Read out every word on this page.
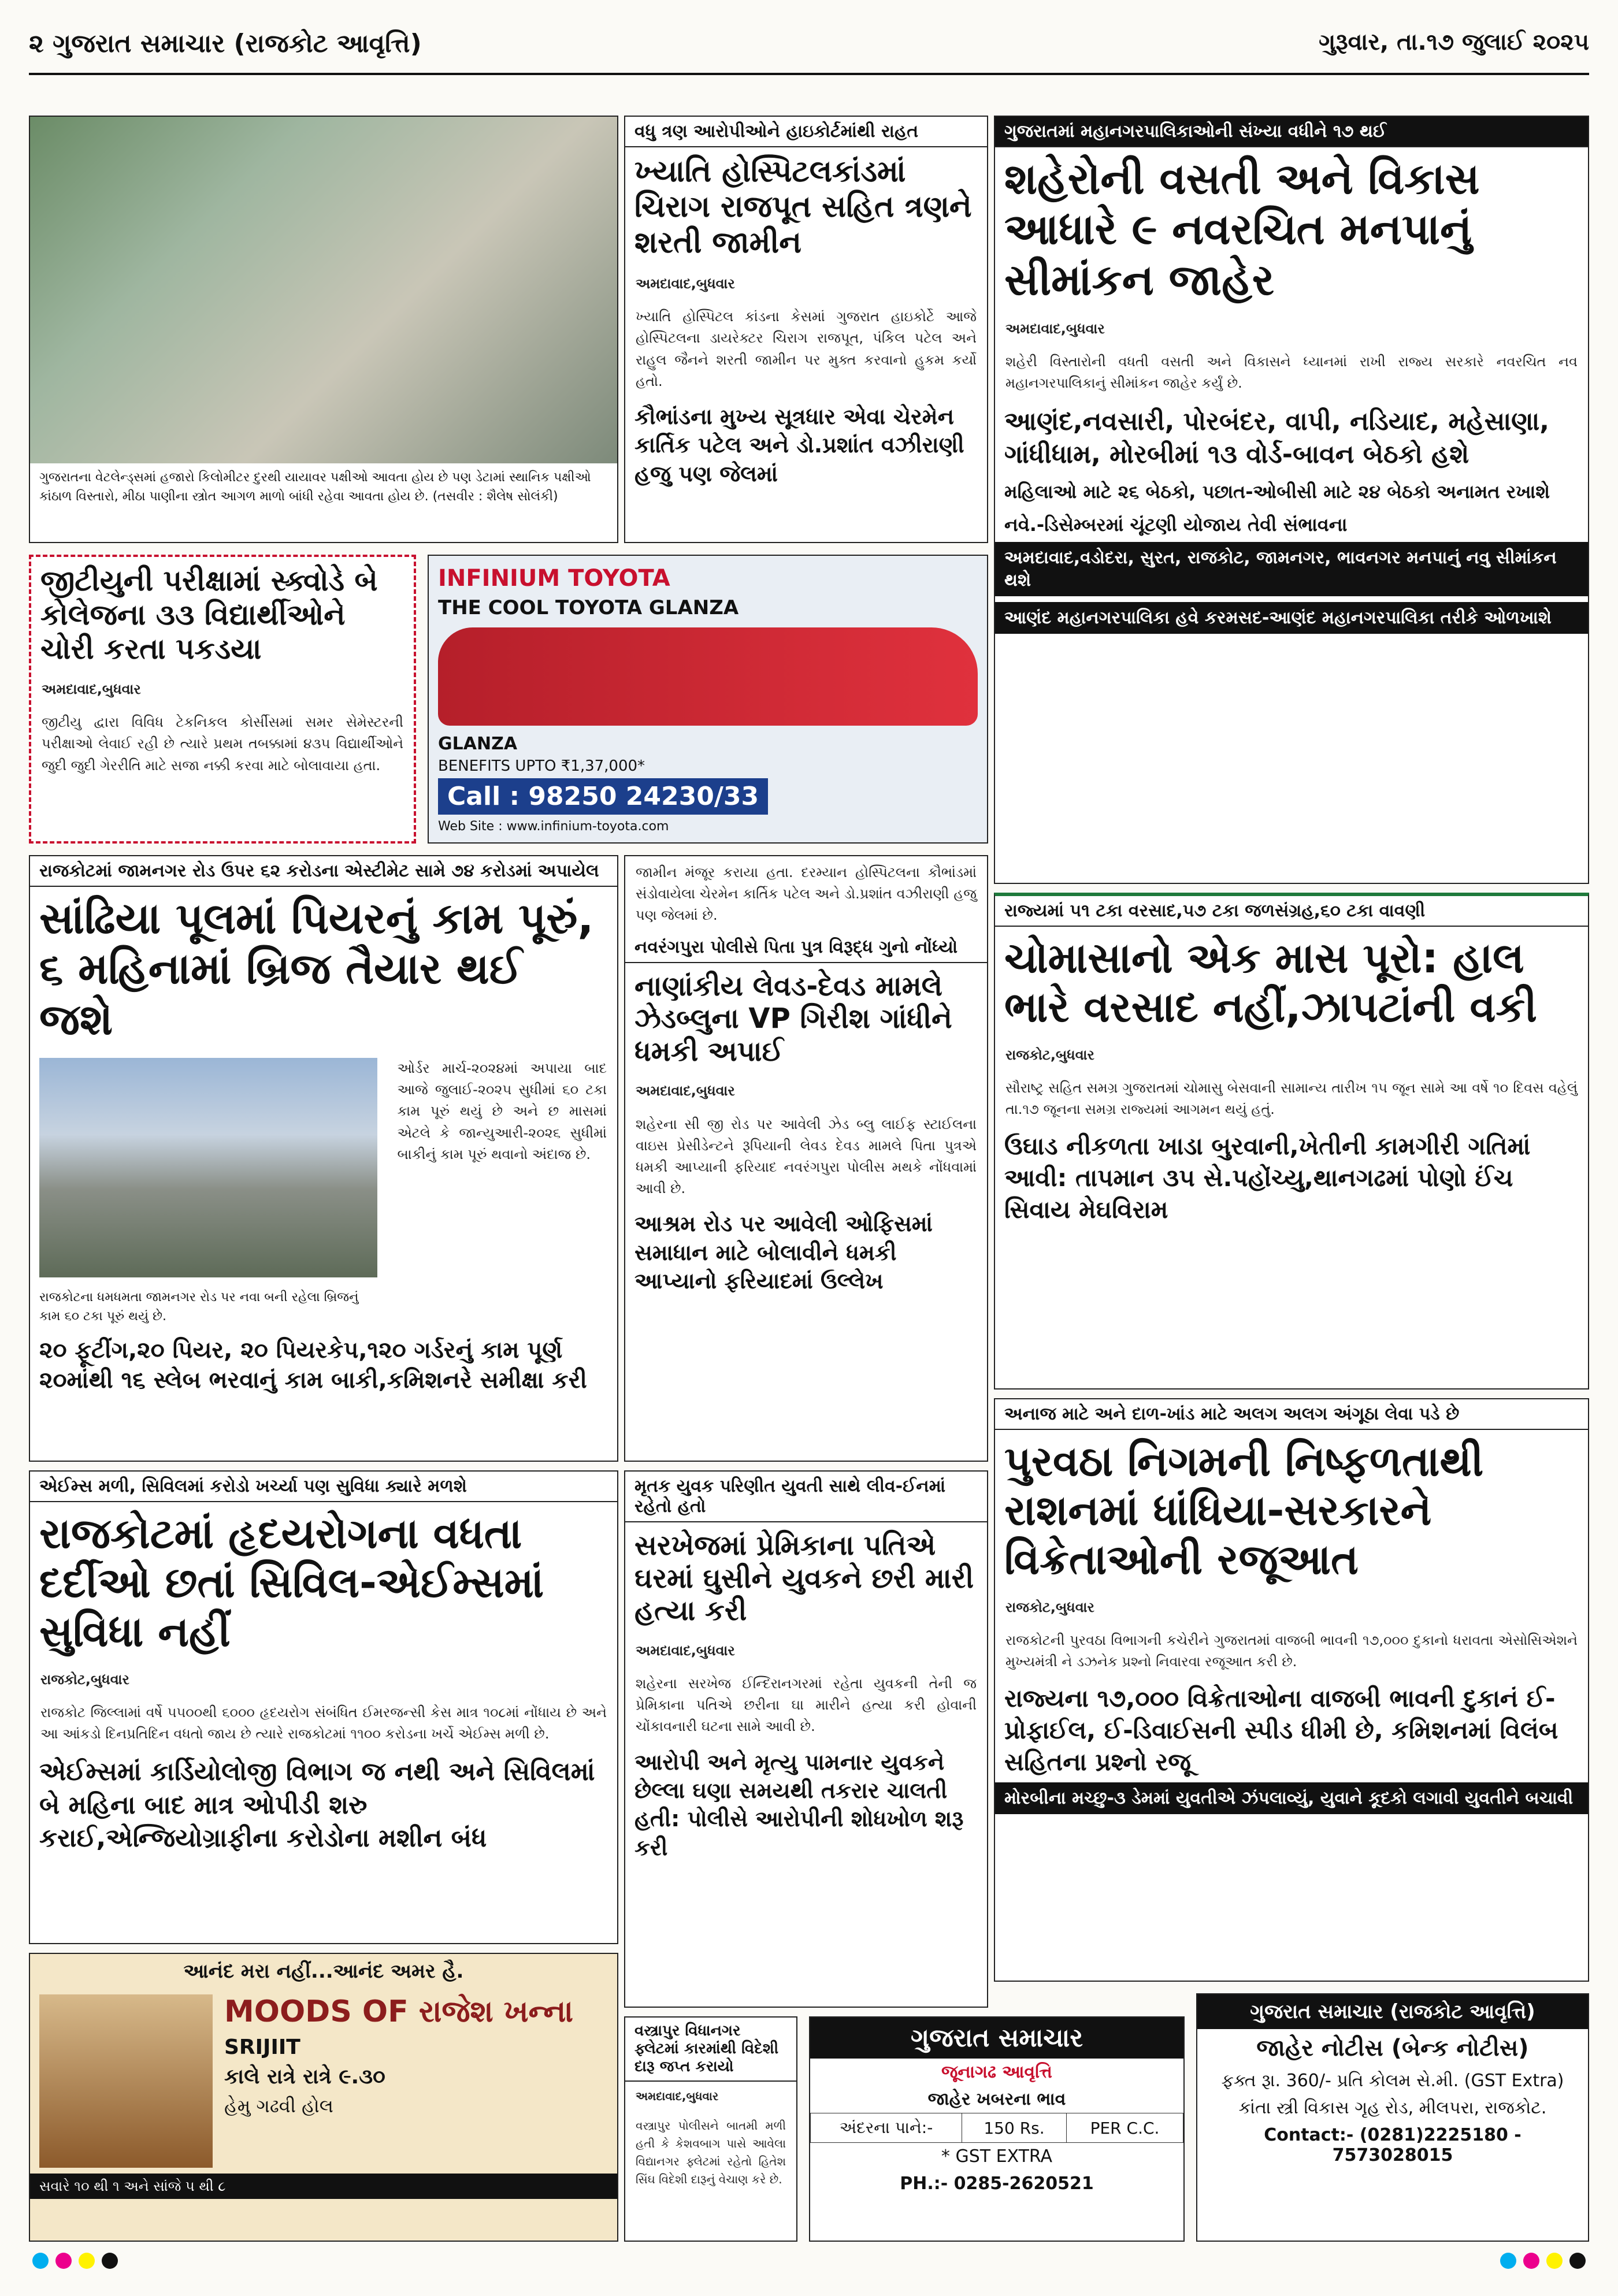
૨ ગુજરાત સમાચાર (રાજકોટ આવૃત્તિ)	ગુરૂવાર, તા.૧૭ જુલાઈ ૨૦૨૫
ગુજરાતના વેટલેન્ડ્સમાં હજારો કિલોમીટર દુરથી યાયાવર પક્ષીઓ આવતા હોય છે પણ ડેટામાં સ્થાનિક પક્ષીઓ કાંઠાળ વિસ્તારો, મીઠા પાણીના સ્ત્રોત આગળ માળો બાંધી રહેવા આવતા હોય છે. (તસવીર : શૈલેષ સોલંકી)
વધુ ત્રણ આરોપીઓને હાઇકોર્ટમાંથી રાહત
ખ્યાતિ હોસ્પિટલકાંડમાં ચિરાગ રાજપૂત સહિત ત્રણને શરતી જામીન
અમદાવાદ,બુધવાર
ખ્યાતિ હોસ્પિટલ કાંડના કેસમાં ગુજરાત હાઇકોર્ટે આજે હોસ્પિટલના ડાયરેક્ટર ચિરાગ રાજપૂત, પંકિલ પટેલ અને રાહુલ જૈનને શરતી જામીન પર મુક્ત કરવાનો હુકમ કર્યો હતો.
કૌભાંડના મુખ્ય સૂત્રધાર એવા ચેરમેન કાર્તિક પટેલ અને ડો.પ્રશાંત વઝીરાણી હજુ પણ જેલમાં
ગુજરાતમાં મહાનગરપાલિકાઓની સંખ્યા વધીને ૧૭ થઈ
શહેરોની વસતી અને વિકાસ આધારે ૯ નવરચિત મનપાનું સીમાંકન જાહેર
અમદાવાદ,બુધવાર
શહેરી વિસ્તારોની વધતી વસતી અને વિકાસને ધ્યાનમાં રાખી રાજ્ય સરકારે નવરચિત નવ મહાનગરપાલિકાનું સીમાંકન જાહેર કર્યું છે.
આણંદ,નવસારી, પોરબંદર, વાપી, નડિયાદ, મહેસાણા, ગાંધીધામ, મોરબીમાં ૧૩ વોર્ડ-બાવન બેઠકો હશે
મહિલાઓ માટે ૨૬ બેઠકો, પછાત-ઓબીસી માટે ૨૪ બેઠકો અનામત રખાશે
નવે.-ડિસેમ્બરમાં ચૂંટણી યોજાય તેવી સંભાવના
અમદાવાદ,વડોદરા, સુરત, રાજકોટ, જામનગર, ભાવનગર મનપાનું નવુ સીમાંકન થશે
આણંદ મહાનગરપાલિકા હવે કરમસદ-આણંદ મહાનગરપાલિકા તરીકે ઓળખાશે
જીટીયુની પરીક્ષામાં સ્ક્વોડે બે કોલેજના ૩૩ વિદ્યાર્થીઓને ચોરી કરતા પકડયા
અમદાવાદ,બુધવાર
જીટીયુ દ્વારા વિવિધ ટેકનિકલ કોર્સીસમાં સમર સેમેસ્ટરની પરીક્ષાઓ લેવાઈ રહી છે ત્યારે પ્રથમ તબક્કામાં ૪૩૫ વિદ્યાર્થીઓને જુદી જુદી ગેરરીતિ માટે સજા નક્કી કરવા માટે બોલાવાયા હતા.
INFINIUM TOYOTA
THE COOL TOYOTA GLANZA
GLANZA
BENEFITS UPTO ₹1,37,000*
Call : 98250 24230/33
Web Site : www.infinium-toyota.com
રાજકોટમાં જામનગર રોડ ઉપર ૬૨ કરોડના એસ્ટીમેટ સામે ૭૪ કરોડમાં અપાયેલ
સાંઢિયા પૂલમાં પિયરનું કામ પૂરું, ૬ મહિનામાં બ્રિજ તૈયાર થઈ જશે
રાજકોટના ધમધમતા જામનગર રોડ પર નવા બની રહેલા બ્રિજનું કામ ૬૦ ટકા પૂરું થયું છે.
ઓર્ડર માર્ચ-૨૦૨૪માં અપાયા બાદ આજે જુલાઈ-૨૦૨૫ સુધીમાં ૬૦ ટકા કામ પૂરું થયું છે અને છ માસમાં એટલે કે જાન્યુઆરી-૨૦૨૬ સુધીમાં બાકીનું કામ પૂરું થવાનો અંદાજ છે.
૨૦ ફૂટીંગ,૨૦ પિયર, ૨૦ પિયરકેપ,૧૨૦ ગર્ડરનું કામ પૂર્ણ ૨૦માંથી ૧૬ સ્લેબ ભરવાનું કામ બાકી,કમિશનરે સમીક્ષા કરી
જામીન મંજૂર કરાયા હતા. દરમ્યાન હોસ્પિટલના કૌભાંડમાં સંડોવાયેલા ચેરમેન કાર્તિક પટેલ અને ડો.પ્રશાંત વઝીરાણી હજુ પણ જેલમાં છે.
નવરંગપુરા પોલીસે પિતા પુત્ર વિરૂદ્ધ ગુનો નોંધ્યો
નાણાંકીય લેવડ-દેવડ મામલે ઝેડબ્લુના VP ગિરીશ ગાંધીને ધમકી અપાઈ
અમદાવાદ,બુધવાર
શહેરના સી જી રોડ પર આવેલી ઝેડ બ્લુ લાઈફ સ્ટાઈલના વાઇસ પ્રેસીડેન્ટને રૂપિયાની લેવડ દેવડ મામલે પિતા પુત્રએ ધમકી આપ્યાની ફરિયાદ નવરંગપુરા પોલીસ મથકે નોંધવામાં આવી છે.
આશ્રમ રોડ પર આવેલી ઓફિસમાં સમાધાન માટે બોલાવીને ધમકી આપ્યાનો ફરિયાદમાં ઉલ્લેખ
રાજ્યમાં ૫૧ ટકા વરસાદ,૫૭ ટકા જળસંગ્રહ,૬૦ ટકા વાવણી
ચોમાસાનો એક માસ પૂરો: હાલ ભારે વરસાદ નહીં,ઝાપટાંની વકી
રાજકોટ,બુધવાર
સૌરાષ્ટ્ર સહિત સમગ્ર ગુજરાતમાં ચોમાસુ બેસવાની સામાન્ય તારીખ ૧૫ જૂન સામે આ વર્ષે ૧૦ દિવસ વહેલું તા.૧૭ જૂનના સમગ્ર રાજ્યમાં આગમન થયું હતું.
ઉઘાડ નીકળતા ખાડા બુરવાની,ખેતીની કામગીરી ગતિમાં આવી: તાપમાન ૩૫ સે.પહોંચ્યુ,થાનગઢમાં પોણો ઈંચ સિવાય મેઘવિરામ
અનાજ માટે અને દાળ-ખાંડ માટે અલગ અલગ અંગૂઠા લેવા પડે છે
પુરવઠા નિગમની નિષ્ફળતાથી રાશનમાં ધાંધિયા-સરકારને વિક્રેતાઓની રજૂઆત
રાજકોટ,બુધવાર
રાજકોટની પુરવઠા વિભાગની કચેરીને ગુજરાતમાં વાજબી ભાવની ૧૭,૦૦૦ દુકાનો ધરાવતા એસોસિએશને મુખ્યમંત્રી ને ડઝનેક પ્રશ્નો નિવારવા રજૂઆત કરી છે.
રાજ્યના ૧૭,૦૦૦ વિક્રેતાઓના વાજબી ભાવની દુકાનં ઈ-પ્રોફાઈલ, ઈ-ડિવાઈસની સ્પીડ ધીમી છે, કમિશનમાં વિલંબ સહિતના પ્રશ્નો રજૂ
મોરબીના મચ્છુ-૩ ડેમમાં યુવતીએ ઝંપલાવ્યું, યુવાને કૂદકો લગાવી યુવતીને બચાવી
એઈમ્સ મળી, સિવિલમાં કરોડો ખર્ચ્યા પણ સુવિધા ક્યારે મળશે
રાજકોટમાં હૃદયરોગના વધતા દર્દીઓ છતાં સિવિલ-એઈમ્સમાં સુવિધા નહીં
રાજકોટ,બુધવાર
રાજકોટ જિલ્લામાં વર્ષે ૫૫૦૦થી ૬૦૦૦ હૃદયરોગ સંબંધિત ઈમરજન્સી કેસ માત્ર ૧૦૮માં નોંધાય છે અને આ આંકડો દિનપ્રતિદિન વધતો જાય છે ત્યારે રાજકોટમાં ૧૧૦૦ કરોડના ખર્ચે એઈમ્સ મળી છે.
એઈમ્સમાં કાર્ડિયોલોજી વિભાગ જ નથી અને સિવિલમાં બે મહિના બાદ માત્ર ઓપીડી શરુ કરાઈ,એન્જિયોગ્રાફીના કરોડોના મશીન બંધ
મૃતક યુવક પરિણીત યુવતી સાથે લીવ-ઈનમાં રહેતો હતો
સરખેજમાં પ્રેમિકાના પતિએ ઘરમાં ઘુસીને યુવકને છરી મારી હત્યા કરી
અમદાવાદ,બુધવાર
શહેરના સરખેજ ઈન્દિરાનગરમાં રહેતા યુવકની તેની જ પ્રેમિકાના પતિએ છરીના ઘા મારીને હત્યા કરી હોવાની ચોંકાવનારી ઘટના સામે આવી છે.
આરોપી અને મૃત્યુ પામનાર યુવકને છેલ્લા ઘણા સમયથી તકરાર ચાલતી હતી: પોલીસે આરોપીની શોધખોળ શરૂ કરી
વસ્ત્રાપુર વિધાનગર ફ્લેટમાં કારમાંથી વિદેશી દારૂ જપ્ત કરાયો
અમદાવાદ,બુધવાર
વસ્ત્રાપુર પોલીસને બાતમી મળી હતી કે કેશવબાગ પાસે આવેલા વિદ્યાનગર ફ્લેટમાં રહેતો હિતેશ સિંઘ વિદેશી દારૂનું વેચાણ કરે છે.
આનંદ મરા નહીં...આનંદ અમર હૈ.
MOODS OF રાજેશ ખન્ના
SRIJIIT
કાલે રાત્રે રાત્રે ૯.૩૦
હેમુ ગઢવી હોલ
સવારે ૧૦ થી ૧ અને સાંજે ૫ થી ૮
ગુજરાત સમાચાર
જૂનાગઢ આવૃત્તિ
જાહેર ખબરના ભાવ
અંદરના પાને:-	150 Rs.	PER C.C.
* GST EXTRA
PH.:- 0285-2620521
ગુજરાત સમાચાર (રાજકોટ આવૃત્તિ)
જાહેર નોટીસ (બેન્ક નોટીસ)
ફક્ત રૂા. 360/- પ્રતિ કોલમ સે.મી. (GST Extra)
કાંતા સ્ત્રી વિકાસ ગૃહ રોડ, મીલપરા, રાજકોટ.
Contact:- (0281)2225180 - 7573028015
